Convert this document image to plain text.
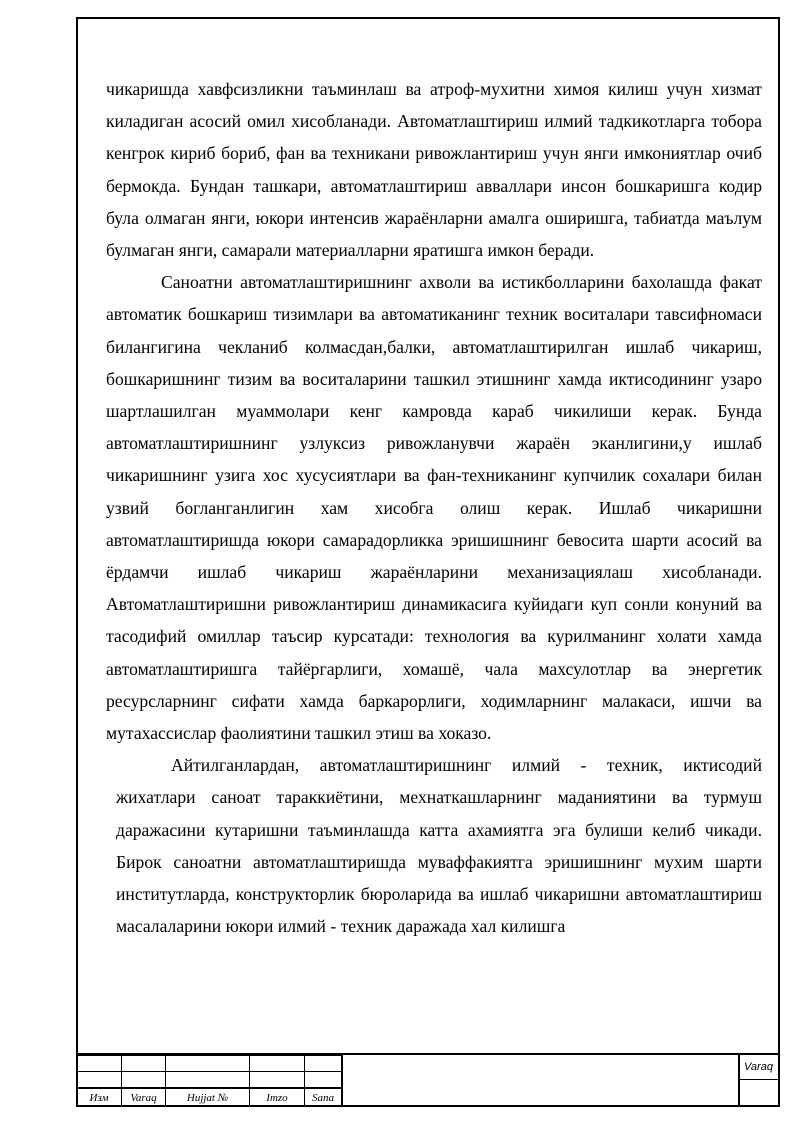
чикаришда хавфсизликни таъминлаш ва атроф-мухитни химоя килиш учун хизмат киладиган асосий омил хисобланади. Автоматлаштириш илмий тадкикотларга тобора кенгрок кириб бориб, фан ва техникани ривожлантириш учун янги имкониятлар очиб бермокда. Бундан ташкари, автоматлаштириш авваллари инсон бошкаришга кодир була олмаган янги, юкори интенсив жараёнларни амалга оширишга, табиатда маълум булмаган янги, самарали материалларни яратишга имкон беради.

Саноатни автоматлаштиришнинг ахволи ва истикболларини бахолашда факат автоматик бошкариш тизимлари ва автоматиканинг техник воситалари тавсифномаси билангигина чекланиб колмасдан,балки, автоматлаштирилган ишлаб чикариш, бошкаришнинг тизим ва воситаларини ташкил этишнинг хамда иктисодининг узаро шартлашилган муаммолари кенг камровда караб чикилиши керак. Бунда автоматлаштиришнинг узлуксиз ривожланувчи жараён эканлигини,у ишлаб чикаришнинг узига хос хусусиятлари ва фан-техниканинг купчилик сохалари билан узвий богланганлигин хам хисобга олиш керак. Ишлаб чикаришни автоматлаштиришда юкори самарадорликка эришишнинг бевосита шарти асосий ва ёрдамчи ишлаб чикариш жараёнларини механизациялаш хисобланади. Автоматлаштиришни ривожлантириш динамикасига куйидаги куп сонли конуний ва тасодифий омиллар таъсир курсатади: технология ва курилманинг холати хамда автоматлаштиришга тайёргарлиги, хомашё, чала махсулотлар ва энергетик ресурсларнинг сифати хамда баркарорлиги, ходимларнинг малакаси, ишчи ва мутахассислар фаолиятини ташкил этиш ва хоказо.

Айтилганлардан, автоматлаштиришнинг илмий - техник, иктисодий жихатлари саноат тараккиётини, мехнаткашларнинг маданиятини ва турмуш даражасини кутаришни таъминлашда катта ахамиятга эга булиши келиб чикади. Бирок саноатни автоматлаштиришда муваффакиятга эришишнинг мухим шарти институтларда, конструкторлик бюроларида ва ишлаб чикаришни автоматлаштириш масалаларини юкори илмий - техник даражада хал килишга

Изм	Varaq	Hujjat №	Imzo	Sana
Varaq
